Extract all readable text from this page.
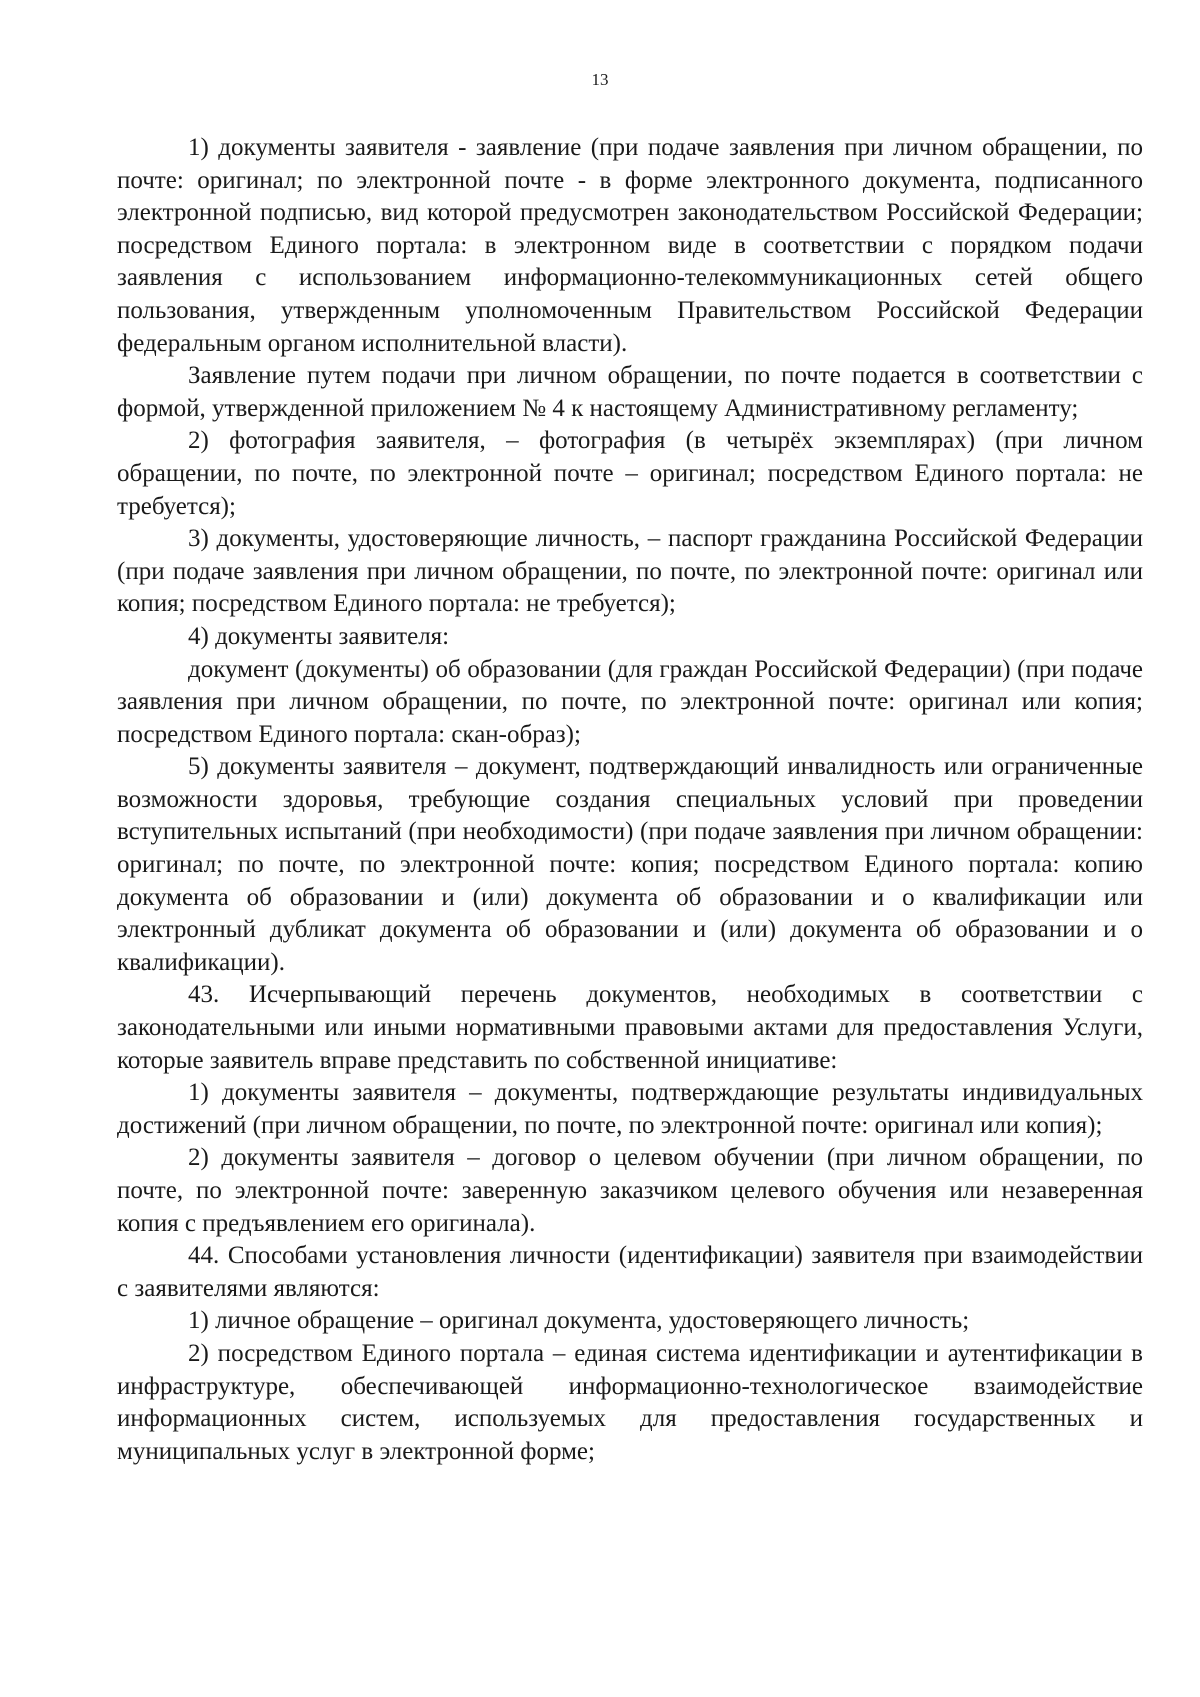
13

1) документы заявителя - заявление (при подаче заявления при личном обращении, по почте: оригинал; по электронной почте - в форме электронного документа, подписанного электронной подписью, вид которой предусмотрен законодательством Российской Федерации; посредством Единого портала: в электронном виде в соответствии с порядком подачи заявления с использованием информационно-телекоммуникационных сетей общего пользования, утвержденным уполномоченным Правительством Российской Федерации федеральным органом исполнительной власти).

Заявление путем подачи при личном обращении, по почте подается в соответствии с формой, утвержденной приложением № 4 к настоящему Административному регламенту;

2) фотография заявителя, – фотография (в четырёх экземплярах) (при личном обращении, по почте, по электронной почте – оригинал; посредством Единого портала: не требуется);

3) документы, удостоверяющие личность, – паспорт гражданина Российской Федерации (при подаче заявления при личном обращении, по почте, по электронной почте: оригинал или копия; посредством Единого портала: не требуется);

4) документы заявителя:

документ (документы) об образовании (для граждан Российской Федерации) (при подаче заявления при личном обращении, по почте, по электронной почте: оригинал или копия; посредством Единого портала: скан-образ);

5) документы заявителя – документ, подтверждающий инвалидность или ограниченные возможности здоровья, требующие создания специальных условий при проведении вступительных испытаний (при необходимости) (при подаче заявления при личном обращении: оригинал; по почте, по электронной почте: копия; посредством Единого портала: копию документа об образовании и (или) документа об образовании и о квалификации или электронный дубликат документа об образовании и (или) документа об образовании и о квалификации).

43. Исчерпывающий перечень документов, необходимых в соответствии с законодательными или иными нормативными правовыми актами для предоставления Услуги, которые заявитель вправе представить по собственной инициативе:

1) документы заявителя – документы, подтверждающие результаты индивидуальных достижений (при личном обращении, по почте, по электронной почте: оригинал или копия);

2) документы заявителя – договор о целевом обучении (при личном обращении, по почте, по электронной почте: заверенную заказчиком целевого обучения или незаверенная копия с предъявлением его оригинала).

44. Способами установления личности (идентификации) заявителя при взаимодействии с заявителями являются:

1) личное обращение – оригинал документа, удостоверяющего личность;

2) посредством Единого портала – единая система идентификации и аутентификации в инфраструктуре, обеспечивающей информационно-технологическое взаимодействие информационных систем, используемых для предоставления государственных и муниципальных услуг в электронной форме;
